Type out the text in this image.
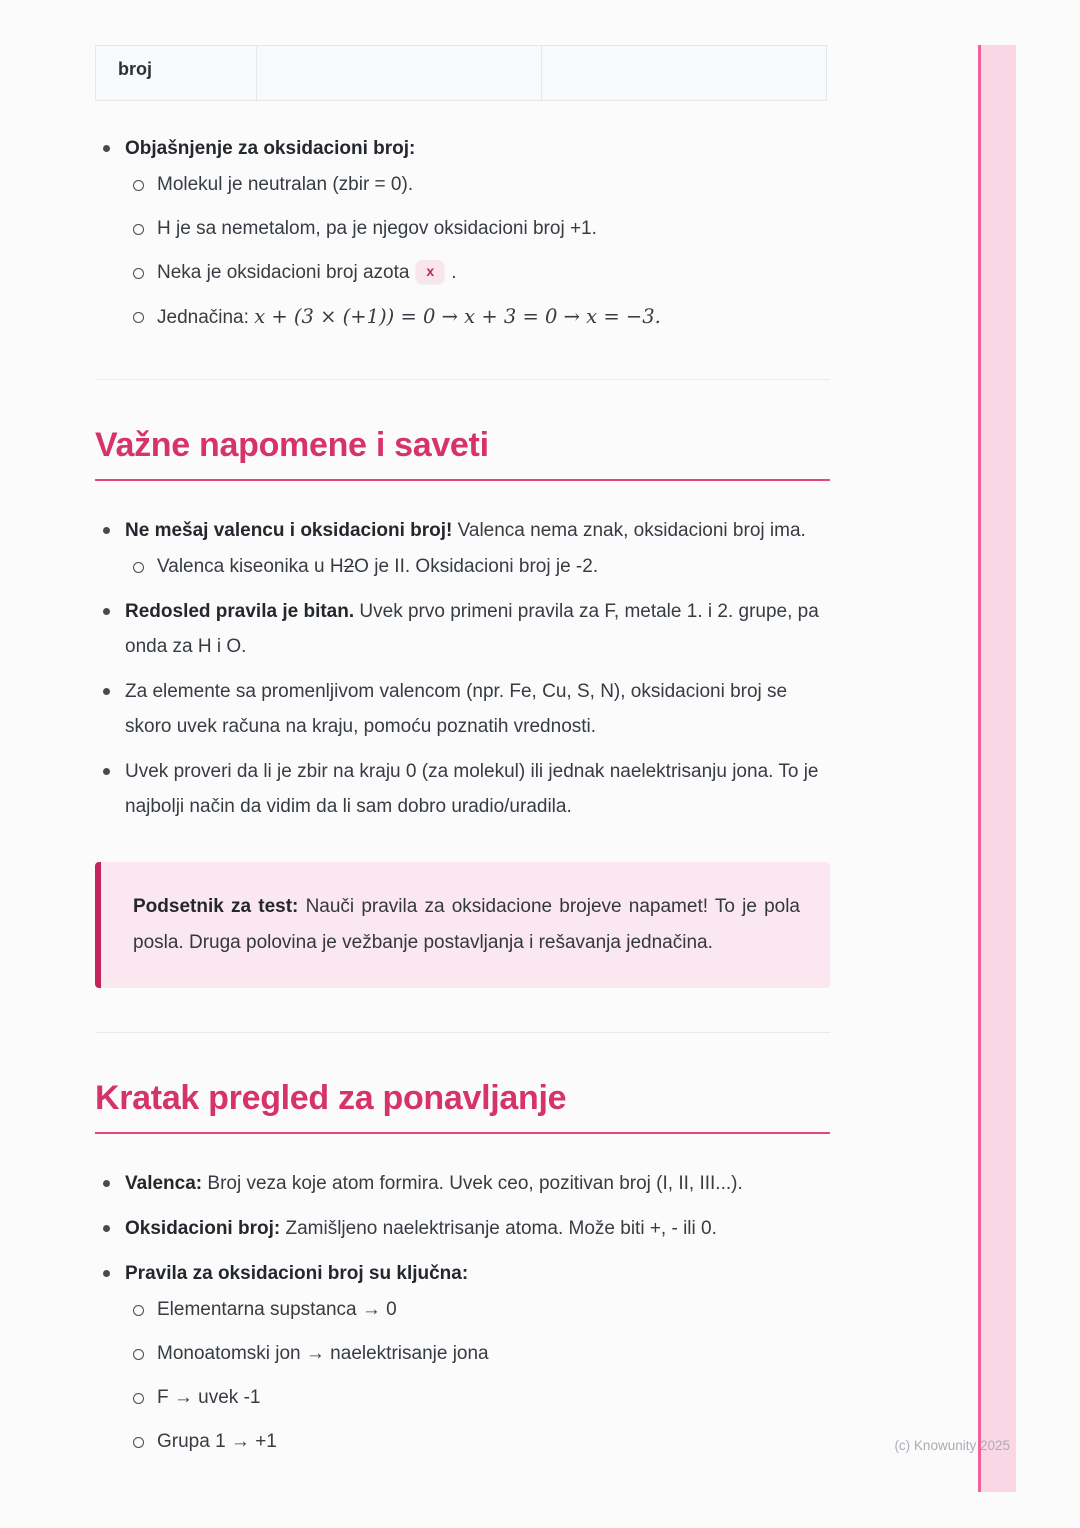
broj		
Objašnjenje za oksidacioni broj:
Molekul je neutralan (zbir = 0).
H je sa nemetalom, pa je njegov oksidacioni broj +1.
Neka je oksidacioni broj azota x .
Jednačina: x + (3 × (+1)) = 0 → x + 3 = 0 → x = −3.
Važne napomene i saveti
Ne mešaj valencu i oksidacioni broj! Valenca nema znak, oksidacioni broj ima.
Valenca kiseonika u H2O je II. Oksidacioni broj je -2.
Redosled pravila je bitan. Uvek prvo primeni pravila za F, metale 1. i 2. grupe, pa onda za H i O.
Za elemente sa promenljivom valencom (npr. Fe, Cu, S, N), oksidacioni broj se skoro uvek računa na kraju, pomoću poznatih vrednosti.
Uvek proveri da li je zbir na kraju 0 (za molekul) ili jednak naelektrisanju jona. To je najbolji način da vidim da li sam dobro uradio/uradila.
Podsetnik za test: Nauči pravila za oksidacione brojeve napamet! To je pola posla. Druga polovina je vežbanje postavljanja i rešavanja jednačina.
Kratak pregled za ponavljanje
Valenca: Broj veza koje atom formira. Uvek ceo, pozitivan broj (I, II, III...).
Oksidacioni broj: Zamišljeno naelektrisanje atoma. Može biti +, - ili 0.
Pravila za oksidacioni broj su ključna:
Elementarna supstanca → 0
Monoatomski jon → naelektrisanje jona
F → uvek -1
Grupa 1 → +1	(c) Knowunity 2025
